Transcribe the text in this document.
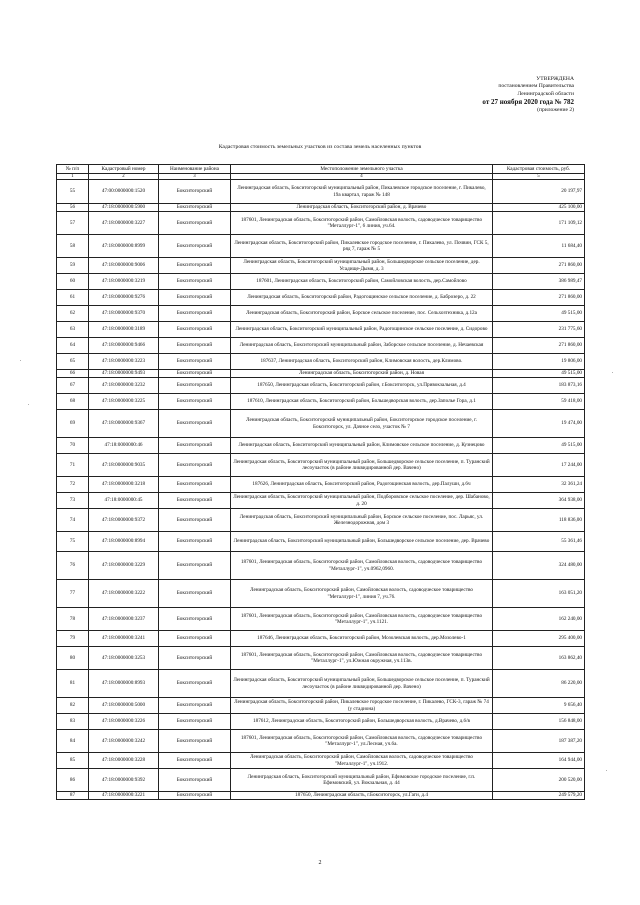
УТВЕРЖДЕНА
постановлением Правительства
Ленинградской области
от 27 ноября 2020 года № 782
(приложение 2)
Кадастровая стоимость земельных участков из состава земель населенных пунктов
№ п/п	Кадастровый номер	Наименование района	Местоположение земельного участка	Кадастровая стоимость, руб.
1	2	3	4	5
55	47:00:0000000:1520	Бокситогорский	Ленинградская область, Бокситогорский муниципальный район, Пикалевское городское поселение, г. Пикалево, 19а квартал, гараж № 148	20 197,97
56	47:18:0000000:5900	Бокситогорский	Ленинградская область, Бокситогорский район, д. Врачево	425 100,00
57	47:18:0000000:3227	Бокситогорский	187601, Ленинградская область, Бокситогорский район, Самойловская волость, садоводческое товарищество "Металлург-1", 6 линия, уч.64.	171 109,12
58	47:18:0000000:8999	Бокситогорский	Ленинградская область, Бокситогорский район, Пикалевское городское поселение, г. Пикалево, ул. Почвин, ГСК 5, ряд 7, гараж № 5	11 684,40
59	47:18:0000000:9006	Бокситогорский	Ленинградская область, Бокситогорский муниципальный район, Большедворское сельское поселение, дер. Усадище-Дымя, д. 3	271 860,00
60	47:18:0000000:3219	Бокситогорский	187601, Ленинградская область, Бокситогорский район, Самойловская волость, дер.Самойлово	386 989,47
61	47:18:0000000:9276	Бокситогорский	Ленинградская область, Бокситогорский район, Радогощинское сельское поселение, д. Баброзеро, д. 22	271 860,00
62	47:18:0000000:9370	Бокситогорский	Ленинградская область, Бокситогорский район, Борское сельское поселение, пос. Сельхозтехника, д.12а	49 515,00
63	47:18:0000000:3189	Бокситогорский	Ленинградская область, Бокситогорский муниципальный район, Радогощинское сельское поселение, д. Сидорово	231 775,60
64	47:18:0000000:9466	Бокситогорский	Ленинградская область, Бокситогорский муниципальный район, Заборское сельское поселение, д. Нечаевская	271 860,00
65	47:18:0000000:3223	Бокситогорский	187637, Ленинградская область, Бокситогорский район, Климовская волость, дер.Климово.	19 806,00
66	47:18:0000000:9493	Бокситогорский	Ленинградская область, Бокситогорский район, д. Новая	49 515,00
67	47:18:0000000:3232	Бокситогорский	187650, Ленинградская область, Бокситогорский район, г.Бокситогорск, ул.Привокзальная, д.4	183 873,16
68	47:18:0000000:3225	Бокситогорский	187610, Ленинградская область, Бокситогорский район, Большедворская волость, дер.Заполье Гора, д.1	59 418,00
69	47:18:0000000:9367	Бокситогорский	Ленинградская область, Бокситогорский муниципальный район, Бокситогорское городское поселение, г. Бокситогорск, ул. Дачное село, участок № 7	19 474,00
70	47:18:0000000:46	Бокситогорский	Ленинградская область, Бокситогорский муниципальный район, Климовское сельское поселение, д. Кузнецово	49 515,00
71	47:18:0000000:9035	Бокситогорский	Ленинградская область, Бокситогорский муниципальный район, Большедворское сельское поселение, п. Туранский лесоучасток (в районе ликвидированной дер. Вачено)	17 244,00
72	47:18:0000000:3218	Бокситогорский	187626, Ленинградская область, Бокситогорский район, Радогощинская волость, дер.Палуши, д.6ч	32 361,24
73	47:18:0000000:45	Бокситогорский	Ленинградская область, Бокситогорский муниципальный район, Подборовское сельское поселение, дер. Шабаново, д. 20	364 938,00
74	47:18:0000000:9372	Бокситогорский	Ленинградская область, Бокситогорский муниципальный район, Борское сельское поселение, пос. Ларьяс, ул. Железнодорожная, дом 3	118 836,00
75	47:18:0000000:8994	Бокситогорский	Ленинградская область, Бокситогорский муниципальный район, Большедворское сельское поселение, дер. Врачево	55 361,46
76	47:18:0000000:3229	Бокситогорский	187601, Ленинградская область, Бокситогорский район, Самойловская волость, садоводческое товарищество "Металлург-1", уч.0962,0960.	324 480,00
77	47:18:0000000:3222	Бокситогорский	Ленинградская область, Бокситогорский район, Самойловская волость, садоводческое товарищество "Металлург-1", линия 7, уч.76.	163 051,20
78	47:18:0000000:3237	Бокситогорский	187601, Ленинградская область, Бокситогорский район, Самойловская волость, садоводческое товарищество "Металлург-1", уч.1121.	162 240,00
79	47:18:0000000:3241	Бокситогорский	187646, Ленинградская область, Бокситогорский район, Мозолевская волость, дер.Мозолево-1	295 400,00
80	47:18:0000000:3253	Бокситогорский	187601, Ленинградская область, Бокситогорский район, Самойловская волость, садоводческое товарищество "Металлург-1", ул.Южная окружная, уч.113в.	163 862,40
81	47:18:0000000:8993	Бокситогорский	Ленинградская область, Бокситогорский муниципальный район, Большедворское сельское поселение, п. Туранский лесоучасток (в районе ликвидированной дер. Вачено)	86 220,00
82	47:18:0000000:5000	Бокситогорский	Ленинградская область, Бокситогорский район, Пикалевское городское поселение, г. Пикалево, ГСК-3, гараж № 74 (у стадиона)	9 656,40
83	47:18:0000000:3226	Бокситогорский	187612, Ленинградская область, Бокситогорский район, Большедворская волость, д.Врачево, д.6/в	156 848,00
84	47:18:0000000:3242	Бокситогорский	187601, Ленинградская область, Бокситогорский район, Самойловская волость, садоводческое товарищество "Металлург-1", ул.Лесная, уч.6а.	187 387,20
85	47:18:0000000:3228	Бокситогорский	Ленинградская область, Бокситогорский район, Самойловская волость, садоводческое товарищество "Металлург-1", уч.1912.	164 944,00
86	47:18:0000000:9392	Бокситогорский	Ленинградская область, Бокситогорский муниципальный район, Ефимовское городское поселение, г.п. Ефимовский, ул. Вокзальная, д. 44	200 520,00
87	47:18:0000000:3221	Бокситогорский	187650, Ленинградская область, г.Бокситогорск, ул.Гаги, д.4	249 579,20
2
